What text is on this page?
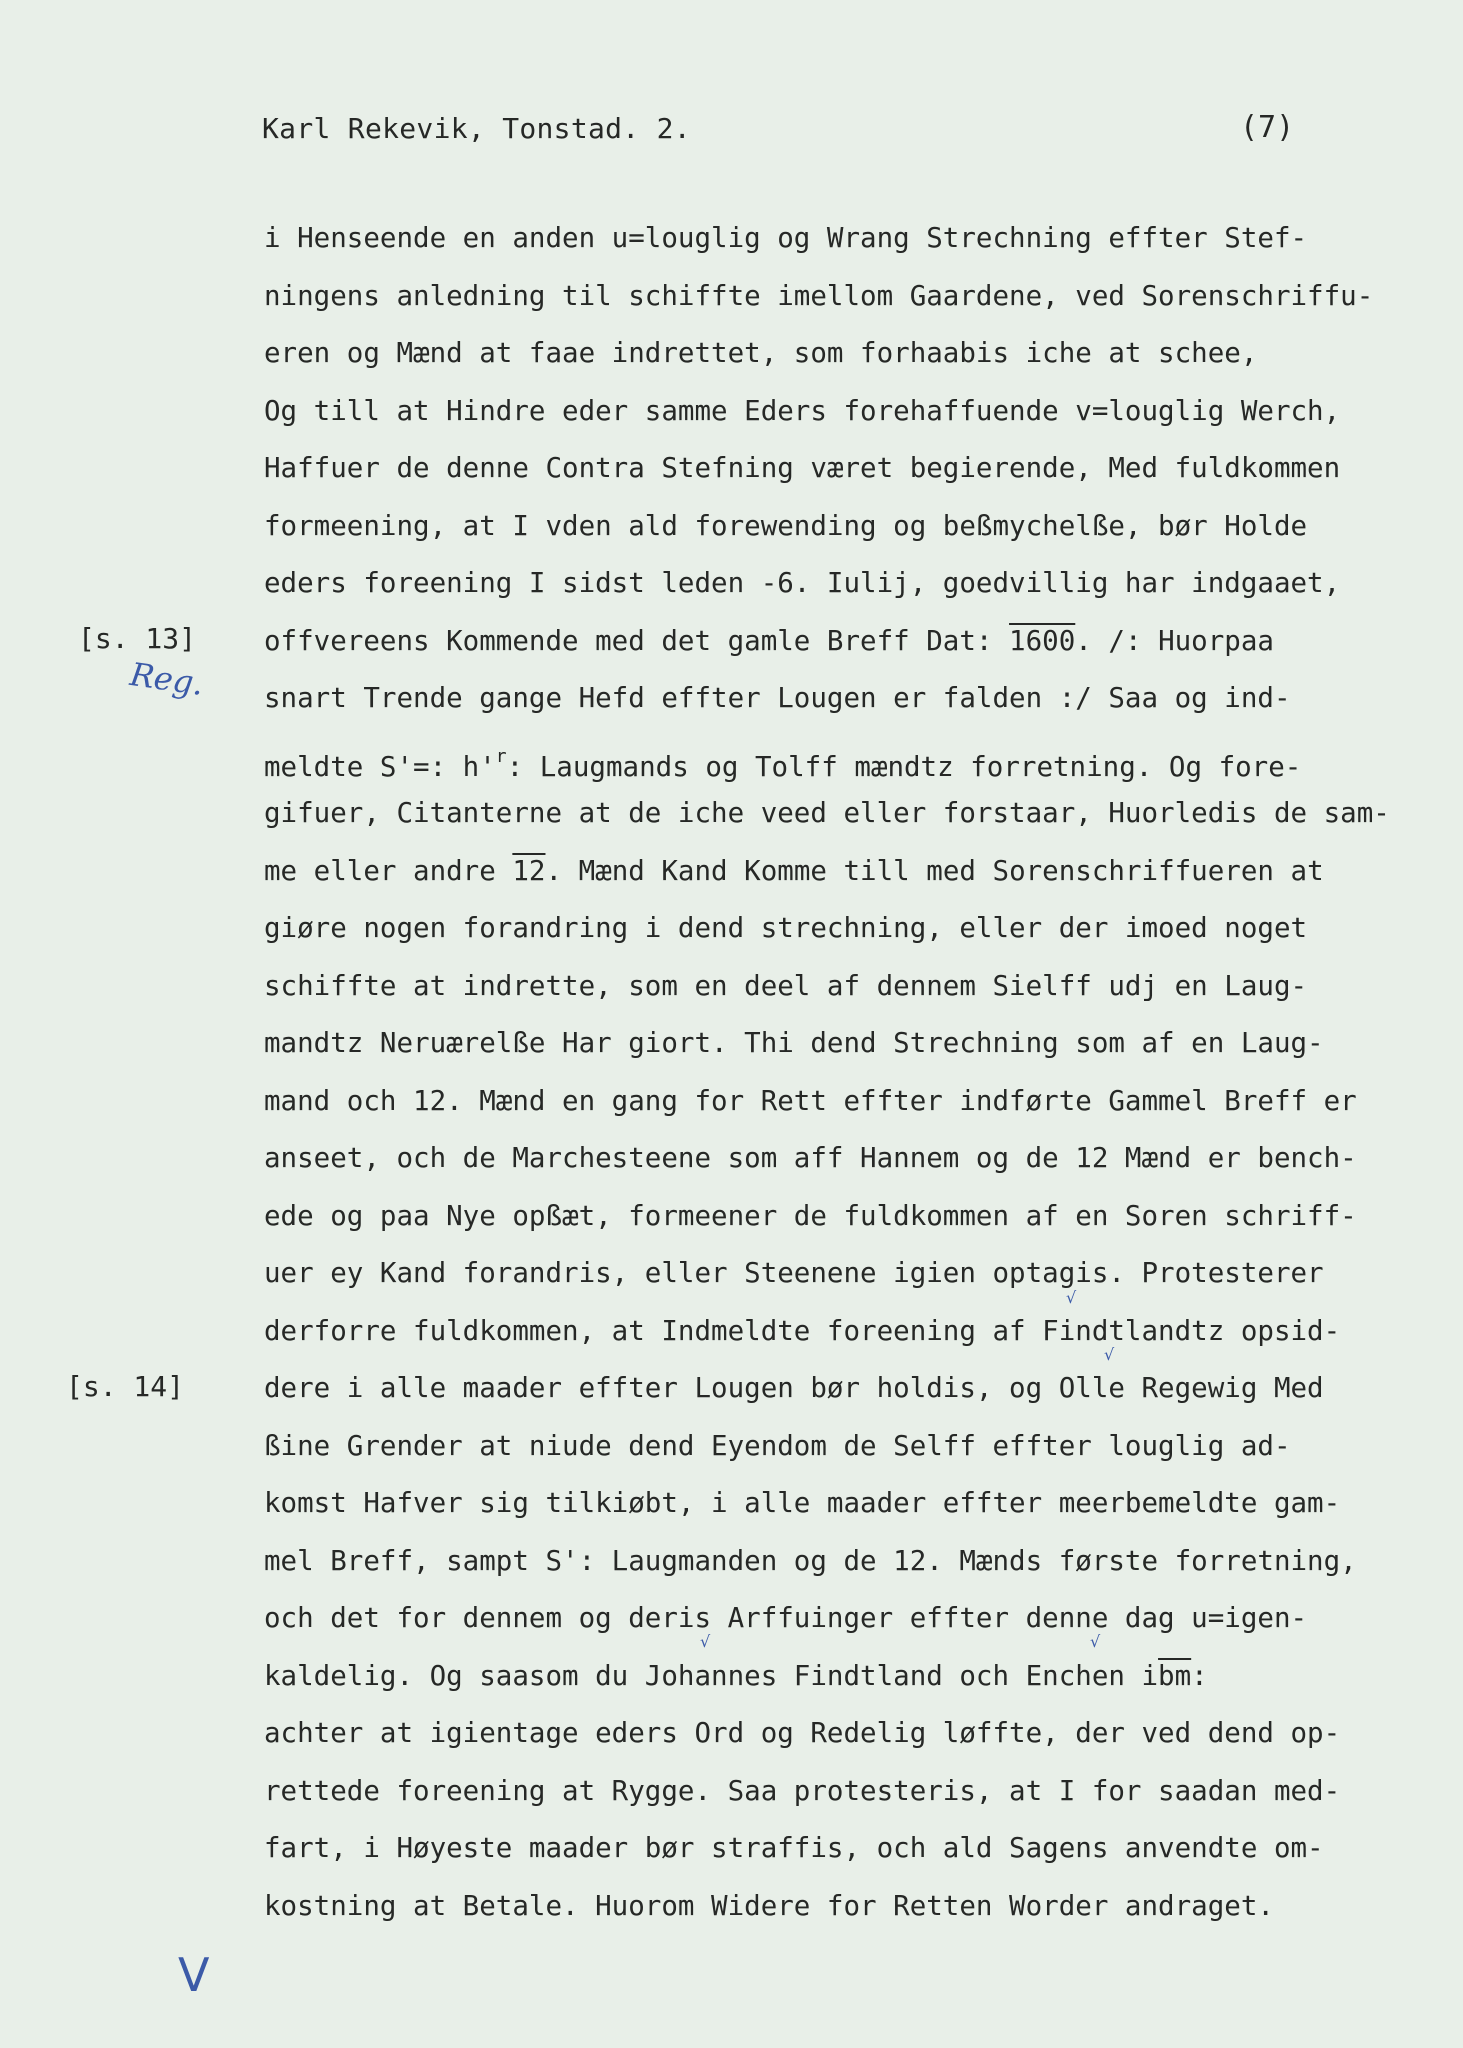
Karl Rekevik, Tonstad. 2.	(7)
[s. 13]
Reg.
[s. 14]
√
√
√	√
V
i Henseende en anden u=louglig og Wrang Strechning effter Stef-
ningens anledning til schiffte imellom Gaardene, ved Sorenschriffu-
eren og Mænd at faae indrettet, som forhaabis iche at schee,
Og till at Hindre eder samme Eders forehaffuende v=louglig Werch,
Haffuer de denne Contra Stefning været begierende, Med fuldkommen
formeening, at I vden ald forewending og beßmychelße, bør Holde
eders foreening I sidst leden -6. Iulij, goedvillig har indgaaet,
offvereens Kommende med det gamle Breff Dat: 1600. /: Huorpaa
snart Trende gange Hefd effter Lougen er falden :/ Saa og ind-
meldte S'=: $h'^r$: Laugmands og Tolff mændtz forretning. Og fore-
gifuer, Citanterne at de iche veed eller forstaar, Huorledis de sam-
me eller andre 12. Mænd Kand Komme till med Sorenschriffueren at
giøre nogen forandring i dend strechning, eller der imoed noget
schiffte at indrette, som en deel af dennem Sielff udj en Laug-
mandtz Neruærelße Har giort. Thi dend Strechning som af en Laug-
mand och 12. Mænd en gang for Rett effter indførte Gammel Breff er
anseet, och de Marchesteene som aff Hannem og de 12 Mænd er bench-
ede og paa Nye opßæt, formeener de fuldkommen af en Soren schriff-
uer ey Kand forandris, eller Steenene igien optagis. Protesterer
derforre fuldkommen, at Indmeldte foreening af Findtlandtz opsid-
dere i alle maader effter Lougen bør holdis, og Olle Regewig Med
ßine Grender at niude dend Eyendom de Selff effter louglig ad-
komst Hafver sig tilkiøbt, i alle maader effter meerbemeldte gam-
mel Breff, sampt S': Laugmanden og de 12. Mænds første forretning,
och det for dennem og deris Arffuinger effter denne dag u=igen-
kaldelig. Og saasom du Johannes Findtland och Enchen $i\overline{bm}$:
achter at igientage eders Ord og Redelig løffte, der ved dend op-
rettede foreening at Rygge. Saa protesteris, at I for saadan med-
fart, i Høyeste maader bør straffis, och ald Sagens anvendte om-
kostning at Betale. Huorom Widere for Retten Worder andraget.
